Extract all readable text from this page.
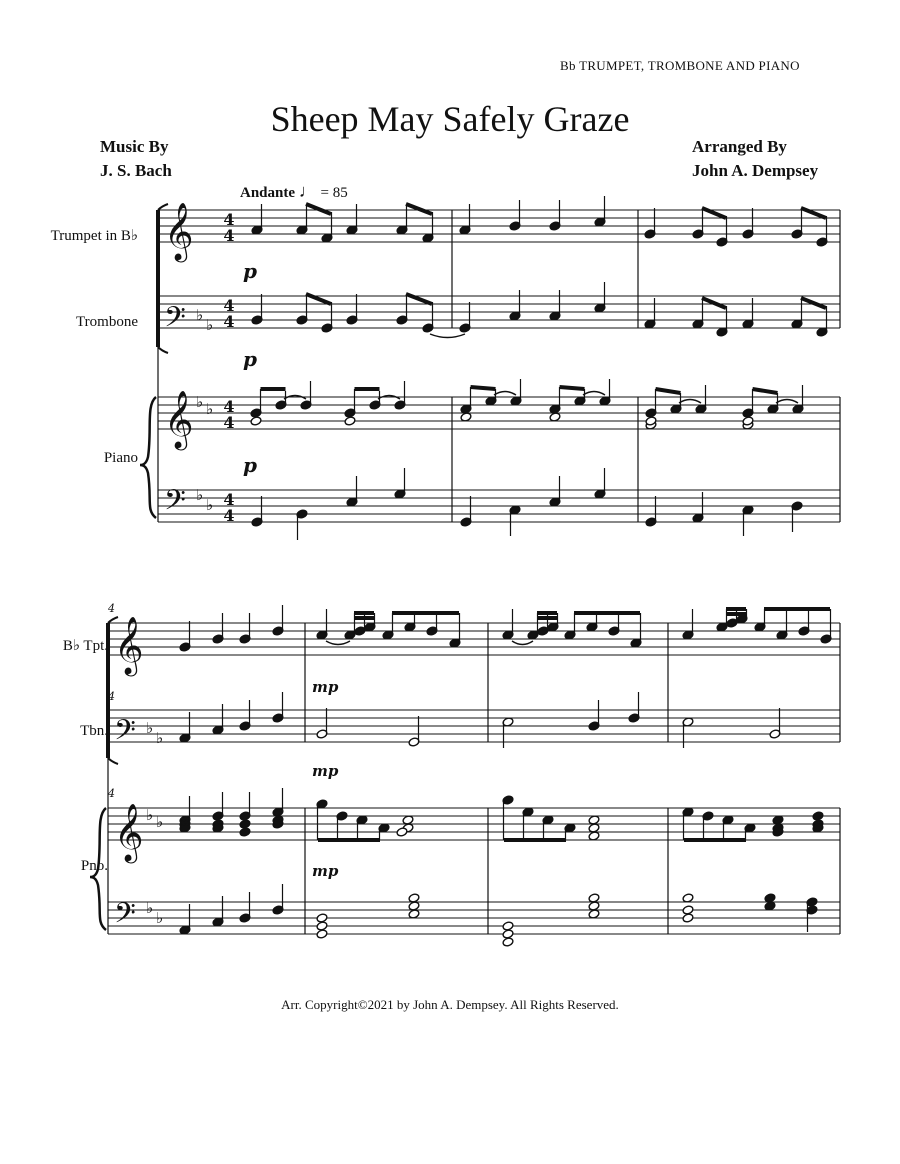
Bb TRUMPET, TROMBONE AND PIANO
Sheep May Safely Graze
Music By
J. S. Bach
Arranged By
John A. Dempsey
Andante ♩ = 85
Trumpet in B♭
Trombone
Piano
B♭ Tpt.
Tbn.
Pno.
Arr. Copyright©2021 by John A. Dempsey. All Rights Reserved.
𝄞
𝄢
𝄞
𝄢
𝄞
𝄢
𝄞
𝄢
♭
♭
♭ ♭
♭
♭
♭
♭
♭ ♭
♭
♭
4
4
4
4
4
4
4
4
p
p
p
mp
mp
mp
4
4
4
